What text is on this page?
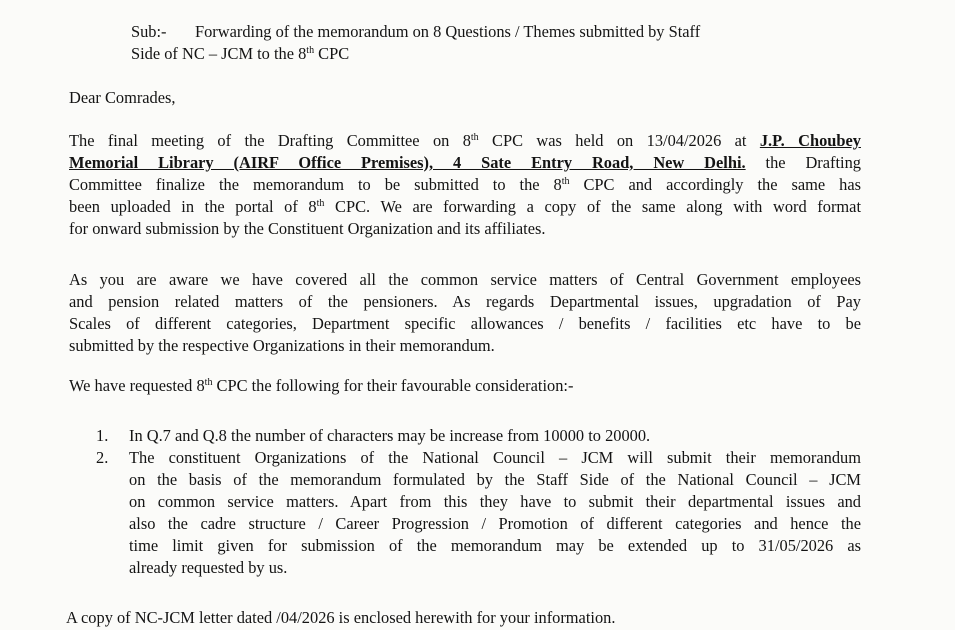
Sub:- Forwarding of the memorandum on 8 Questions / Themes submitted by Staff
Side of NC – JCM to the 8th CPC
Dear Comrades,
The final meeting of the Drafting Committee on 8th CPC was held on 13/04/2026 at J.P. Choubey
Memorial Library (AIRF Office Premises), 4 Sate Entry Road, New Delhi. the Drafting
Committee finalize the memorandum to be submitted to the 8th CPC and accordingly the same has
been uploaded in the portal of 8th CPC. We are forwarding a copy of the same along with word format
for onward submission by the Constituent Organization and its affiliates.
As you are aware we have covered all the common service matters of Central Government employees
and pension related matters of the pensioners. As regards Departmental issues, upgradation of Pay
Scales of different categories, Department specific allowances / benefits / facilities etc have to be
submitted by the respective Organizations in their memorandum.
We have requested 8th CPC the following for their favourable consideration:-
1. In Q.7 and Q.8 the number of characters may be increase from 10000 to 20000.
2. The constituent Organizations of the National Council – JCM will submit their memorandum
on the basis of the memorandum formulated by the Staff Side of the National Council – JCM
on common service matters. Apart from this they have to submit their departmental issues and
also the cadre structure / Career Progression / Promotion of different categories and hence the
time limit given for submission of the memorandum may be extended up to 31/05/2026 as
already requested by us.
A copy of NC-JCM letter dated /04/2026 is enclosed herewith for your information.
